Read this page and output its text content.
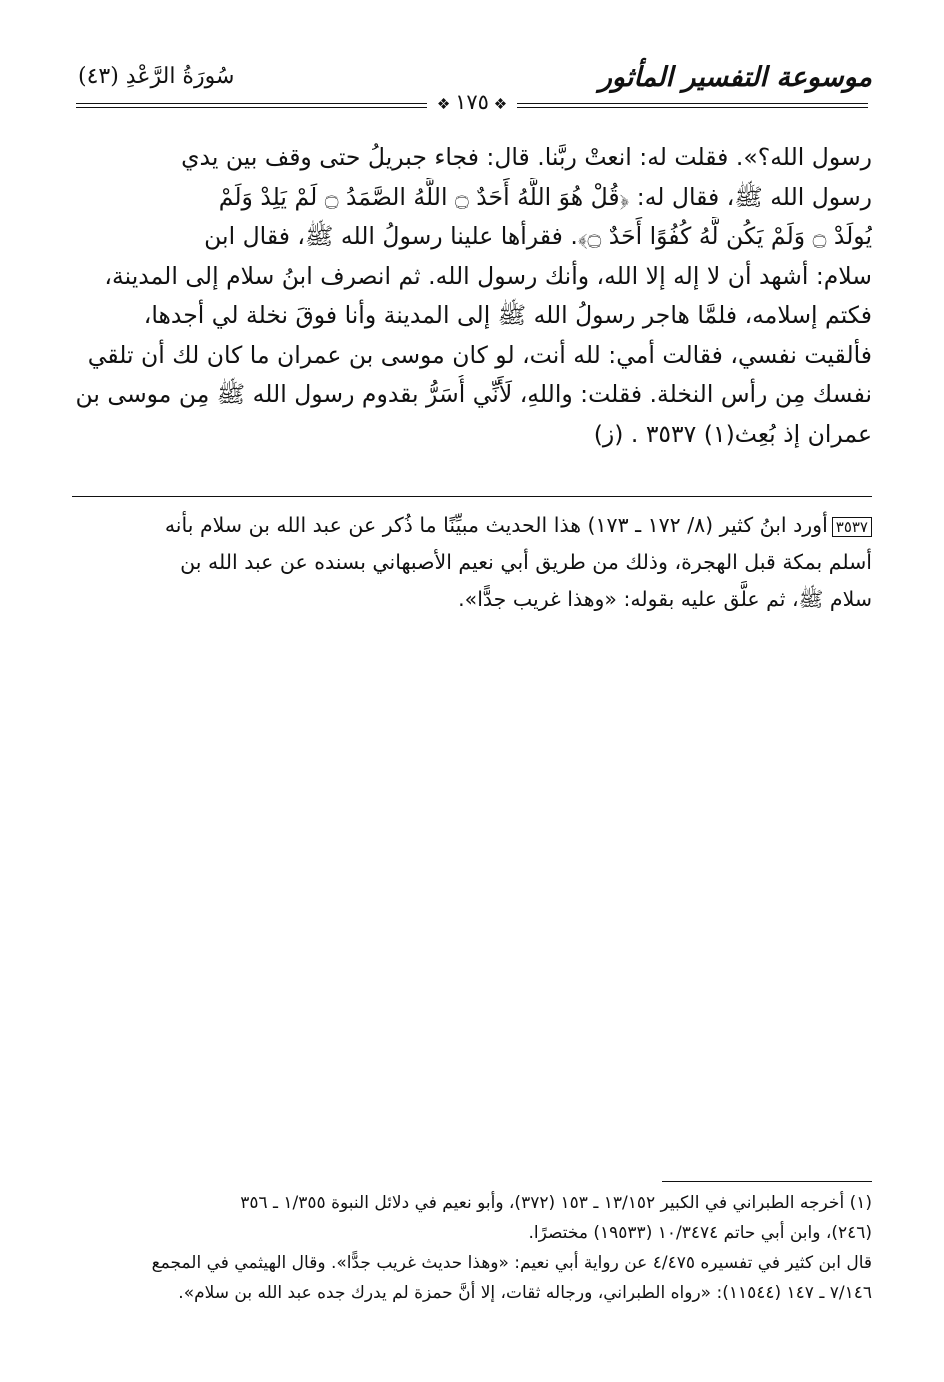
موسوعة التفسير المأثور
سُورَةُ الرَّعْدِ (٤٣)
❖ ١٧٥ ❖
رسول الله؟». فقلت له: انعتْ ربَّنا. قال: فجاء جبريلُ حتى وقف بين يدي
رسول الله ﷺ، فقال له: ﴿قُلْ هُوَ اللَّهُ أَحَدٌ ۝ اللَّهُ الصَّمَدُ ۝ لَمْ يَلِدْ وَلَمْ
يُولَدْ ۝ وَلَمْ يَكُن لَّهُ كُفُوًا أَحَدٌ ۝﴾. فقرأها علينا رسولُ الله ﷺ، فقال ابن
سلام: أشهد أن لا إله إلا الله، وأنك رسول الله. ثم انصرف ابنُ سلام إلى المدينة،
فكتم إسلامه، فلمَّا هاجر رسولُ الله ﷺ إلى المدينة وأنا فوقَ نخلة لي أجدها،
فألقيت نفسي، فقالت أمي: لله أنت، لو كان موسى بن عمران ما كان لك أن تلقي
نفسك مِن رأس النخلة. فقلت: واللهِ، لَأَنِّي أُسَرُّ بقدوم رسول الله ﷺ مِن موسى بن
عمران إذ بُعِث(١) ٣٥٣٧ . (ز)
٣٥٣٧أورد ابنُ كثير (٨/ ١٧٢ ـ ١٧٣) هذا الحديث مبيِّنًا ما ذُكر عن عبد الله بن سلام بأنه
أسلم بمكة قبل الهجرة، وذلك من طريق أبي نعيم الأصبهاني بسنده عن عبد الله بن
سلام ﷺ، ثم علَّق عليه بقوله: «وهذا غريب جدًّا».
(١) أخرجه الطبراني في الكبير ١٣/١٥٢ ـ ١٥٣ (٣٧٢)، وأبو نعيم في دلائل النبوة ١/٣٥٥ ـ ٣٥٦
(٢٤٦)، وابن أبي حاتم ١٠/٣٤٧٤ (١٩٥٣٣) مختصرًا.
قال ابن كثير في تفسيره ٤/٤٧٥ عن رواية أبي نعيم: «وهذا حديث غريب جدًّا». وقال الهيثمي في المجمع
٧/١٤٦ ـ ١٤٧ (١١٥٤٤): «رواه الطبراني، ورجاله ثقات، إلا أنَّ حمزة لم يدرك جده عبد الله بن سلام».
